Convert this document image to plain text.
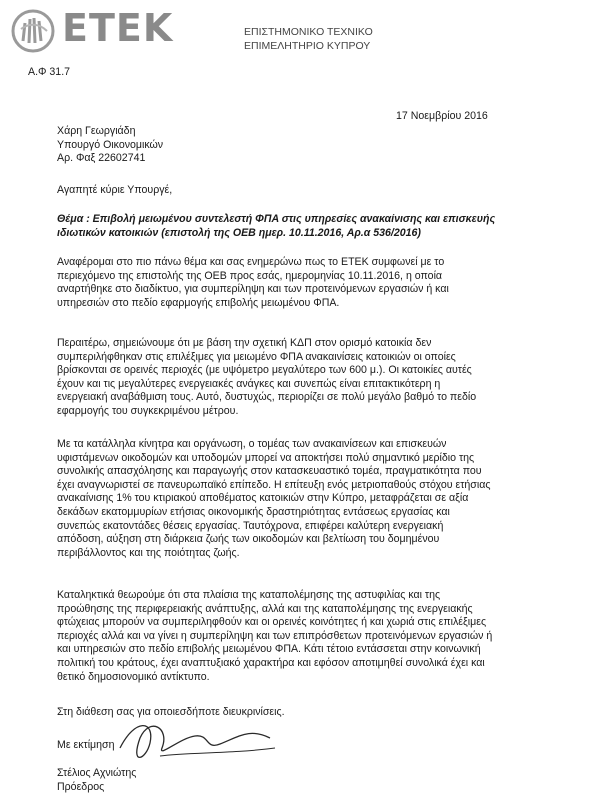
ETEK	ΕΠΙΣΤΗΜΟΝΙΚΟ ΤΕΧΝΙΚΟ
ΕΠΙΜΕΛΗΤΗΡΙΟ ΚΥΠΡΟΥ
Α.Φ 31.7
17 Νοεμβρίου 2016
Χάρη Γεωργιάδη
Υπουργό Οικονομικών
Αρ. Φαξ 22602741
Αγαπητέ κύριε Υπουργέ,
Θέμα : Επιβολή μειωμένου συντελεστή ΦΠΑ στις υπηρεσίες ανακαίνισης και επισκευής
ιδιωτικών κατοικιών (επιστολή της ΟΕΒ ημερ. 10.11.2016, Αρ.α 536/2016)
Αναφέρομαι στο πιο πάνω θέμα και σας ενημερώνω πως το ΕΤΕΚ συμφωνεί με το
περιεχόμενο της επιστολής της ΟΕΒ προς εσάς, ημερομηνίας 10.11.2016, η οποία
αναρτήθηκε στο διαδίκτυο, για συμπερίληψη και των προτεινόμενων εργασιών ή και
υπηρεσιών στο πεδίο εφαρμογής επιβολής μειωμένου ΦΠΑ.
Περαιτέρω, σημειώνουμε ότι με βάση την σχετική ΚΔΠ στον ορισμό κατοικία δεν
συμπεριλήφθηκαν στις επιλέξιμες για μειωμένο ΦΠΑ ανακαινίσεις κατοικιών οι οποίες
βρίσκονται σε ορεινές περιοχές (με υψόμετρο μεγαλύτερο των 600 μ.). Οι κατοικίες αυτές
έχουν και τις μεγαλύτερες ενεργειακές ανάγκες και συνεπώς είναι επιτακτικότερη η
ενεργειακή αναβάθμιση τους. Αυτό, δυστυχώς, περιορίζει σε πολύ μεγάλο βαθμό το πεδίο
εφαρμογής του συγκεκριμένου μέτρου.
Με τα κατάλληλα κίνητρα και οργάνωση, ο τομέας των ανακαινίσεων και επισκευών
υφιστάμενων οικοδομών και υποδομών μπορεί να αποκτήσει πολύ σημαντικό μερίδιο της
συνολικής απασχόλησης και παραγωγής στον κατασκευαστικό τομέα, πραγματικότητα που
έχει αναγνωριστεί σε πανευρωπαϊκό επίπεδο. Η επίτευξη ενός μετριοπαθούς στόχου ετήσιας
ανακαίνισης 1% του κτιριακού αποθέματος κατοικιών στην Κύπρο, μεταφράζεται σε αξία
δεκάδων εκατομμυρίων ετήσιας οικονομικής δραστηριότητας εντάσεως εργασίας και
συνεπώς εκατοντάδες θέσεις εργασίας. Ταυτόχρονα, επιφέρει καλύτερη ενεργειακή
απόδοση, αύξηση στη διάρκεια ζωής των οικοδομών και βελτίωση του δομημένου
περιβάλλοντος και της ποιότητας ζωής.
Καταληκτικά θεωρούμε ότι στα πλαίσια της καταπολέμησης της αστυφιλίας και της
προώθησης της περιφερειακής ανάπτυξης, αλλά και της καταπολέμησης της ενεργειακής
φτώχειας μπορούν να συμπεριληφθούν και οι ορεινές κοινότητες ή και χωριά στις επιλέξιμες
περιοχές αλλά και να γίνει η συμπερίληψη και των επιπρόσθετων προτεινόμενων εργασιών ή
και υπηρεσιών στο πεδίο επιβολής μειωμένου ΦΠΑ. Κάτι τέτοιο εντάσσεται στην κοινωνική
πολιτική του κράτους, έχει αναπτυξιακό χαρακτήρα και εφόσον αποτιμηθεί συνολικά έχει και
θετικό δημοσιονομικό αντίκτυπο.
Στη διάθεση σας για οποιεσδήποτε διευκρινίσεις.
Με εκτίμηση
Στέλιος Αχνιώτης
Πρόεδρος
